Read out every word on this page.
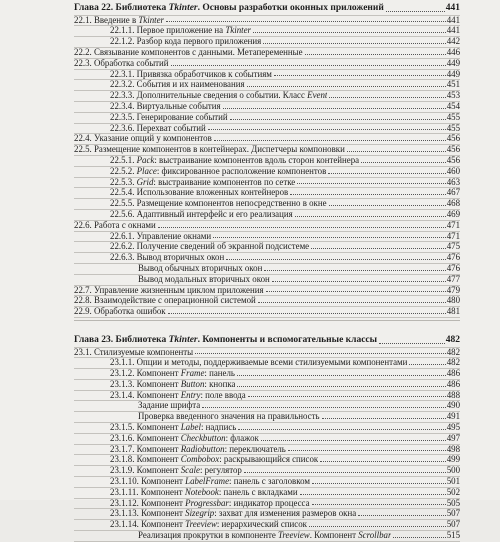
Глава 22. Библиотека Tkinter. Основы разработки оконных приложений	441
22.1. Введение в Tkinter	441
22.1.1. Первое приложение на Tkinter	441
22.1.2. Разбор кода первого приложения	442
22.2. Связывание компонентов с данными. Метапеременные	446
22.3. Обработка событий	449
22.3.1. Привязка обработчиков к событиям	449
22.3.2. События и их наименования	451
22.3.3. Дополнительные сведения о событии. Класс Event	453
22.3.4. Виртуальные события	454
22.3.5. Генерирование событий	455
22.3.6. Перехват событий	455
22.4. Указание опций у компонентов	456
22.5. Размещение компонентов в контейнерах. Диспетчеры компоновки	456
22.5.1. Pack: выстраивание компонентов вдоль сторон контейнера	456
22.5.2. Place: фиксированное расположение компонентов	460
22.5.3. Grid: выстраивание компонентов по сетке	463
22.5.4. Использование вложенных контейнеров	467
22.5.5. Размещение компонентов непосредственно в окне	468
22.5.6. Адаптивный интерфейс и его реализация	469
22.6. Работа с окнами	471
22.6.1. Управление окнами	471
22.6.2. Получение сведений об экранной подсистеме	475
22.6.3. Вывод вторичных окон	476
Вывод обычных вторичных окон	476
Вывод модальных вторичных окон	477
22.7. Управление жизненным циклом приложения	479
22.8. Взаимодействие с операционной системой	480
22.9. Обработка ошибок	481
Глава 23. Библиотека Tkinter. Компоненты и вспомогательные классы	482
23.1. Стилизуемые компоненты	482
23.1.1. Опции и методы, поддерживаемые всеми стилизуемыми компонентами	482
23.1.2. Компонент Frame: панель	486
23.1.3. Компонент Button: кнопка	486
23.1.4. Компонент Entry: поле ввода	488
Задание шрифта	490
Проверка введенного значения на правильность	491
23.1.5. Компонент Label: надпись	495
23.1.6. Компонент Checkbutton: флажок	497
23.1.7. Компонент Radiobutton: переключатель	498
23.1.8. Компонент Combobox: раскрывающийся список	499
23.1.9. Компонент Scale: регулятор	500
23.1.10. Компонент LabelFrame: панель с заголовком	501
23.1.11. Компонент Notebook: панель с вкладками	502
23.1.12. Компонент Progressbar: индикатор процесса	505
23.1.13. Компонент Sizegrip: захват для изменения размеров окна	507
23.1.14. Компонент Treeview: иерархический список	507
Реализация прокрутки в компоненте Treeview. Компонент Scrollbar	515
